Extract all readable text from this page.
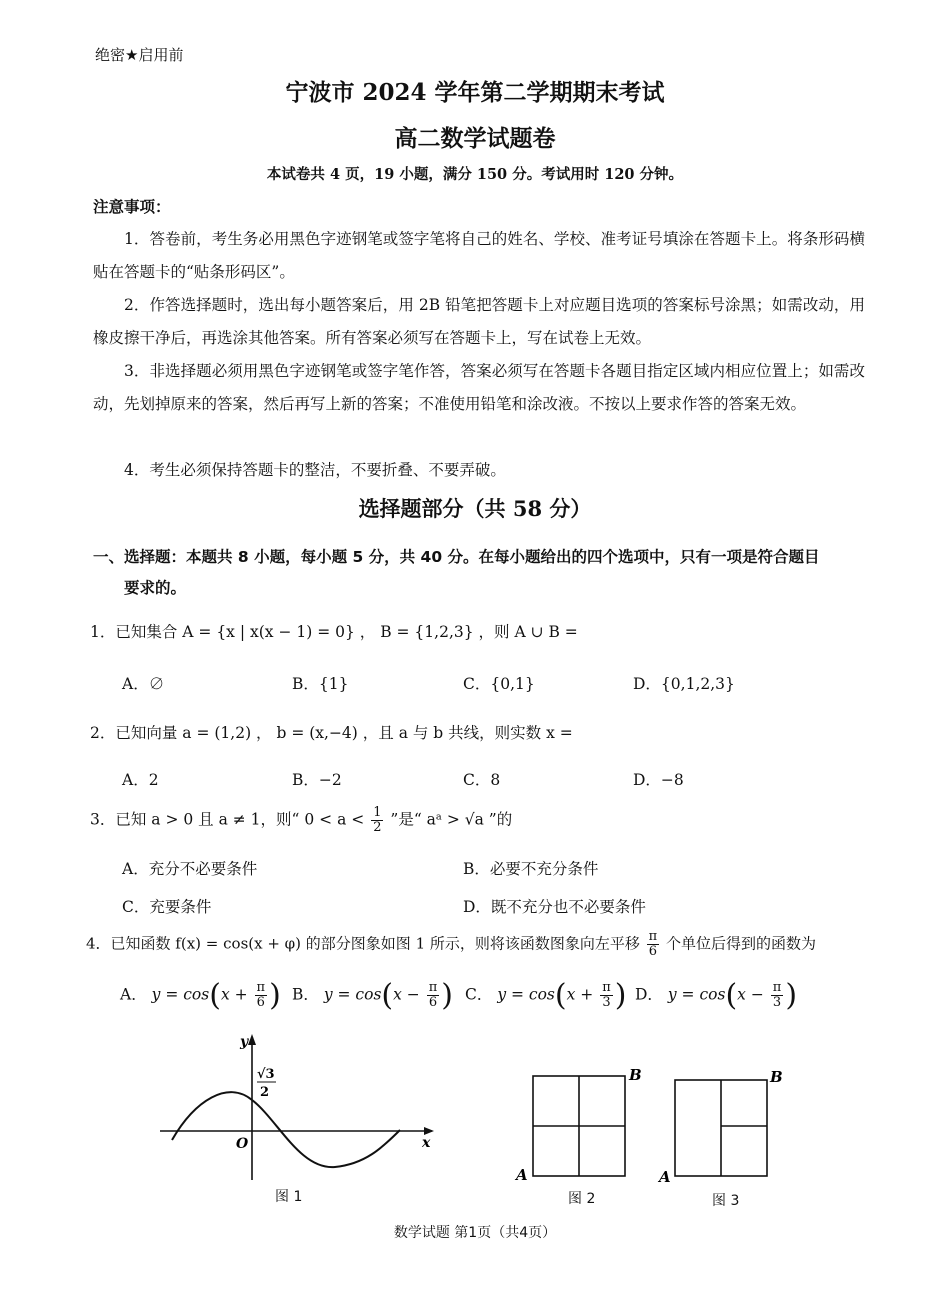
绝密★启用前
宁波市 2024 学年第二学期期末考试
高二数学试题卷
本试卷共 4 页，19 小题，满分 150 分。考试用时 120 分钟。
注意事项：

1．答卷前，考生务必用黑色字迹钢笔或签字笔将自己的姓名、学校、准考证号填涂在答题卡上。将条形码横贴在答题卡的“贴条形码区”。

2．作答选择题时，选出每小题答案后，用 2B 铅笔把答题卡上对应题目选项的答案标号涂黑；如需改动，用橡皮擦干净后，再选涂其他答案。所有答案必须写在答题卡上，写在试卷上无效。

3．非选择题必须用黑色字迹钢笔或签字笔作答，答案必须写在答题卡各题目指定区域内相应位置上；如需改动，先划掉原来的答案，然后再写上新的答案；不准使用铅笔和涂改液。不按以上要求作答的答案无效。

4．考生必须保持答题卡的整洁，不要折叠、不要弄破。

选择题部分（共 58 分）
一、选择题：本题共 8 小题，每小题 5 分，共 40 分。在每小题给出的四个选项中，只有一项是符合题目
要求的。
1．已知集合 A = {x | x(x − 1) = 0} ， B = {1,2,3} ，则 A ∪ B =
A．∅	B．{1}	C．{0,1}	D．{0,1,2,3}
2．已知向量 a = (1,2) ， b = (x,−4) ，且 a 与 b 共线，则实数 x =
A．2	B．−2	C．8	D．−8
3．已知 a > 0 且 a ≠ 1，则“ $0 < a < \frac{1}{2}$ ”是“ aᵃ > √a ”的
A．充分不必要条件	B．必要不充分条件
C．充要条件	D．既不充分也不必要条件
4．已知函数 f(x) = cos(x + φ) 的部分图象如图 1 所示，则将该函数图象向左平移 $\frac{\pi}{6}$ 个单位后得到的函数为
A． $y = \cos(x + \frac{\pi}{6}$ ) B． $y = \cos(x - \frac{\pi}{6}$ ) C． $y = \cos(x + \frac{\pi}{3}$ ) D． $y = \cos(x - \frac{\pi}{3}$ )
y
x
O
√3
2
图 1
B
A
图 2
B
A
图 3
数学试题 第1页（共4页）
